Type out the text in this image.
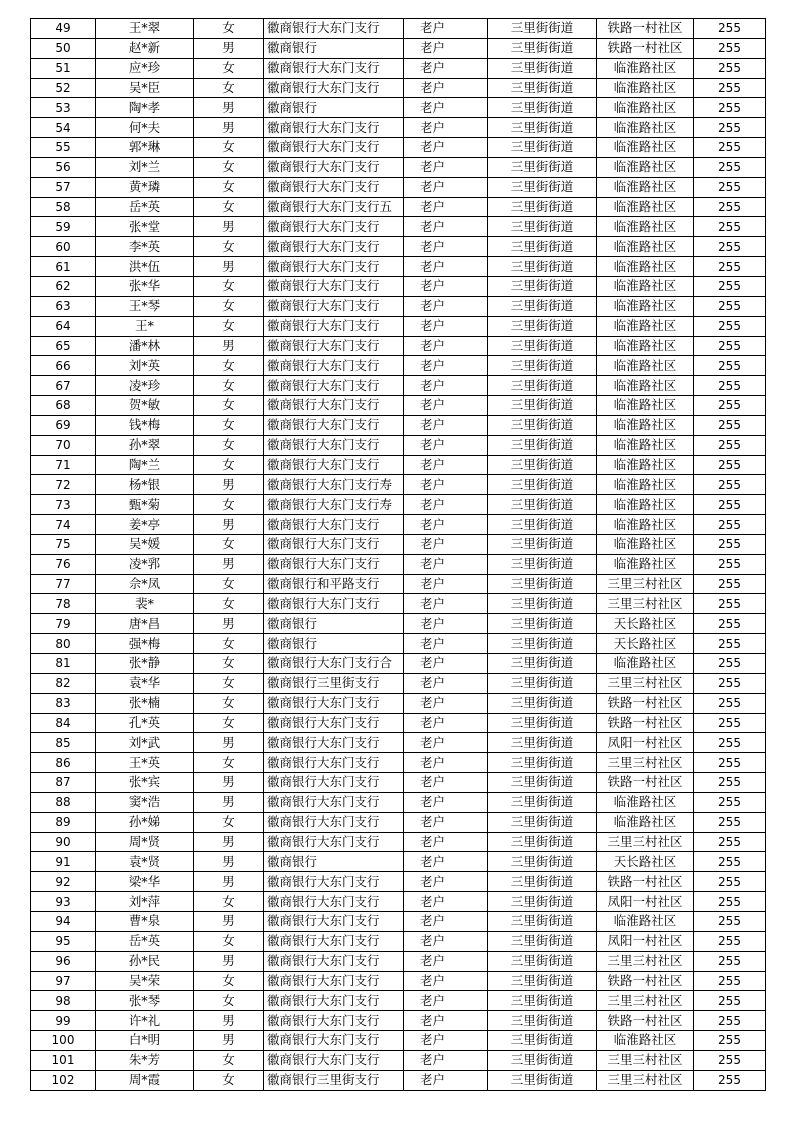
49	王*翠	女	徽商银行大东门支行	老户	三里街街道	铁路一村社区	255
50	赵*新	男	徽商银行	老户	三里街街道	铁路一村社区	255
51	应*珍	女	徽商银行大东门支行	老户	三里街街道	临淮路社区	255
52	吴*臣	女	徽商银行大东门支行	老户	三里街街道	临淮路社区	255
53	陶*孝	男	徽商银行	老户	三里街街道	临淮路社区	255
54	何*夫	男	徽商银行大东门支行	老户	三里街街道	临淮路社区	255
55	郭*琳	女	徽商银行大东门支行	老户	三里街街道	临淮路社区	255
56	刘*兰	女	徽商银行大东门支行	老户	三里街街道	临淮路社区	255
57	黄*璘	女	徽商银行大东门支行	老户	三里街街道	临淮路社区	255
58	岳*英	女	徽商银行大东门支行五	老户	三里街街道	临淮路社区	255
59	张*堂	男	徽商银行大东门支行	老户	三里街街道	临淮路社区	255
60	李*英	女	徽商银行大东门支行	老户	三里街街道	临淮路社区	255
61	洪*伍	男	徽商银行大东门支行	老户	三里街街道	临淮路社区	255
62	张*华	女	徽商银行大东门支行	老户	三里街街道	临淮路社区	255
63	王*琴	女	徽商银行大东门支行	老户	三里街街道	临淮路社区	255
64	王*	女	徽商银行大东门支行	老户	三里街街道	临淮路社区	255
65	潘*林	男	徽商银行大东门支行	老户	三里街街道	临淮路社区	255
66	刘*英	女	徽商银行大东门支行	老户	三里街街道	临淮路社区	255
67	凌*珍	女	徽商银行大东门支行	老户	三里街街道	临淮路社区	255
68	贺*敏	女	徽商银行大东门支行	老户	三里街街道	临淮路社区	255
69	钱*梅	女	徽商银行大东门支行	老户	三里街街道	临淮路社区	255
70	孙*翠	女	徽商银行大东门支行	老户	三里街街道	临淮路社区	255
71	陶*兰	女	徽商银行大东门支行	老户	三里街街道	临淮路社区	255
72	杨*银	男	徽商银行大东门支行寿	老户	三里街街道	临淮路社区	255
73	甄*菊	女	徽商银行大东门支行寿	老户	三里街街道	临淮路社区	255
74	姜*亭	男	徽商银行大东门支行	老户	三里街街道	临淮路社区	255
75	吴*媛	女	徽商银行大东门支行	老户	三里街街道	临淮路社区	255
76	凌*郛	男	徽商银行大东门支行	老户	三里街街道	临淮路社区	255
77	佘*凤	女	徽商银行和平路支行	老户	三里街街道	三里三村社区	255
78	裴*	女	徽商银行大东门支行	老户	三里街街道	三里三村社区	255
79	唐*昌	男	徽商银行	老户	三里街街道	天长路社区	255
80	强*梅	女	徽商银行	老户	三里街街道	天长路社区	255
81	张*静	女	徽商银行大东门支行合	老户	三里街街道	临淮路社区	255
82	袁*华	女	徽商银行三里街支行	老户	三里街街道	三里三村社区	255
83	张*楠	女	徽商银行大东门支行	老户	三里街街道	铁路一村社区	255
84	孔*英	女	徽商银行大东门支行	老户	三里街街道	铁路一村社区	255
85	刘*武	男	徽商银行大东门支行	老户	三里街街道	凤阳一村社区	255
86	王*英	女	徽商银行大东门支行	老户	三里街街道	三里三村社区	255
87	张*宾	男	徽商银行大东门支行	老户	三里街街道	铁路一村社区	255
88	窦*浩	男	徽商银行大东门支行	老户	三里街街道	临淮路社区	255
89	孙*娣	女	徽商银行大东门支行	老户	三里街街道	临淮路社区	255
90	周*贤	男	徽商银行大东门支行	老户	三里街街道	三里三村社区	255
91	袁*贤	男	徽商银行	老户	三里街街道	天长路社区	255
92	梁*华	男	徽商银行大东门支行	老户	三里街街道	铁路一村社区	255
93	刘*萍	女	徽商银行大东门支行	老户	三里街街道	凤阳一村社区	255
94	曹*泉	男	徽商银行大东门支行	老户	三里街街道	临淮路社区	255
95	岳*英	女	徽商银行大东门支行	老户	三里街街道	凤阳一村社区	255
96	孙*民	男	徽商银行大东门支行	老户	三里街街道	三里三村社区	255
97	吴*荣	女	徽商银行大东门支行	老户	三里街街道	铁路一村社区	255
98	张*琴	女	徽商银行大东门支行	老户	三里街街道	三里三村社区	255
99	许*礼	男	徽商银行大东门支行	老户	三里街街道	铁路一村社区	255
100	白*明	男	徽商银行大东门支行	老户	三里街街道	临淮路社区	255
101	朱*芳	女	徽商银行大东门支行	老户	三里街街道	三里三村社区	255
102	周*霞	女	徽商银行三里街支行	老户	三里街街道	三里三村社区	255
